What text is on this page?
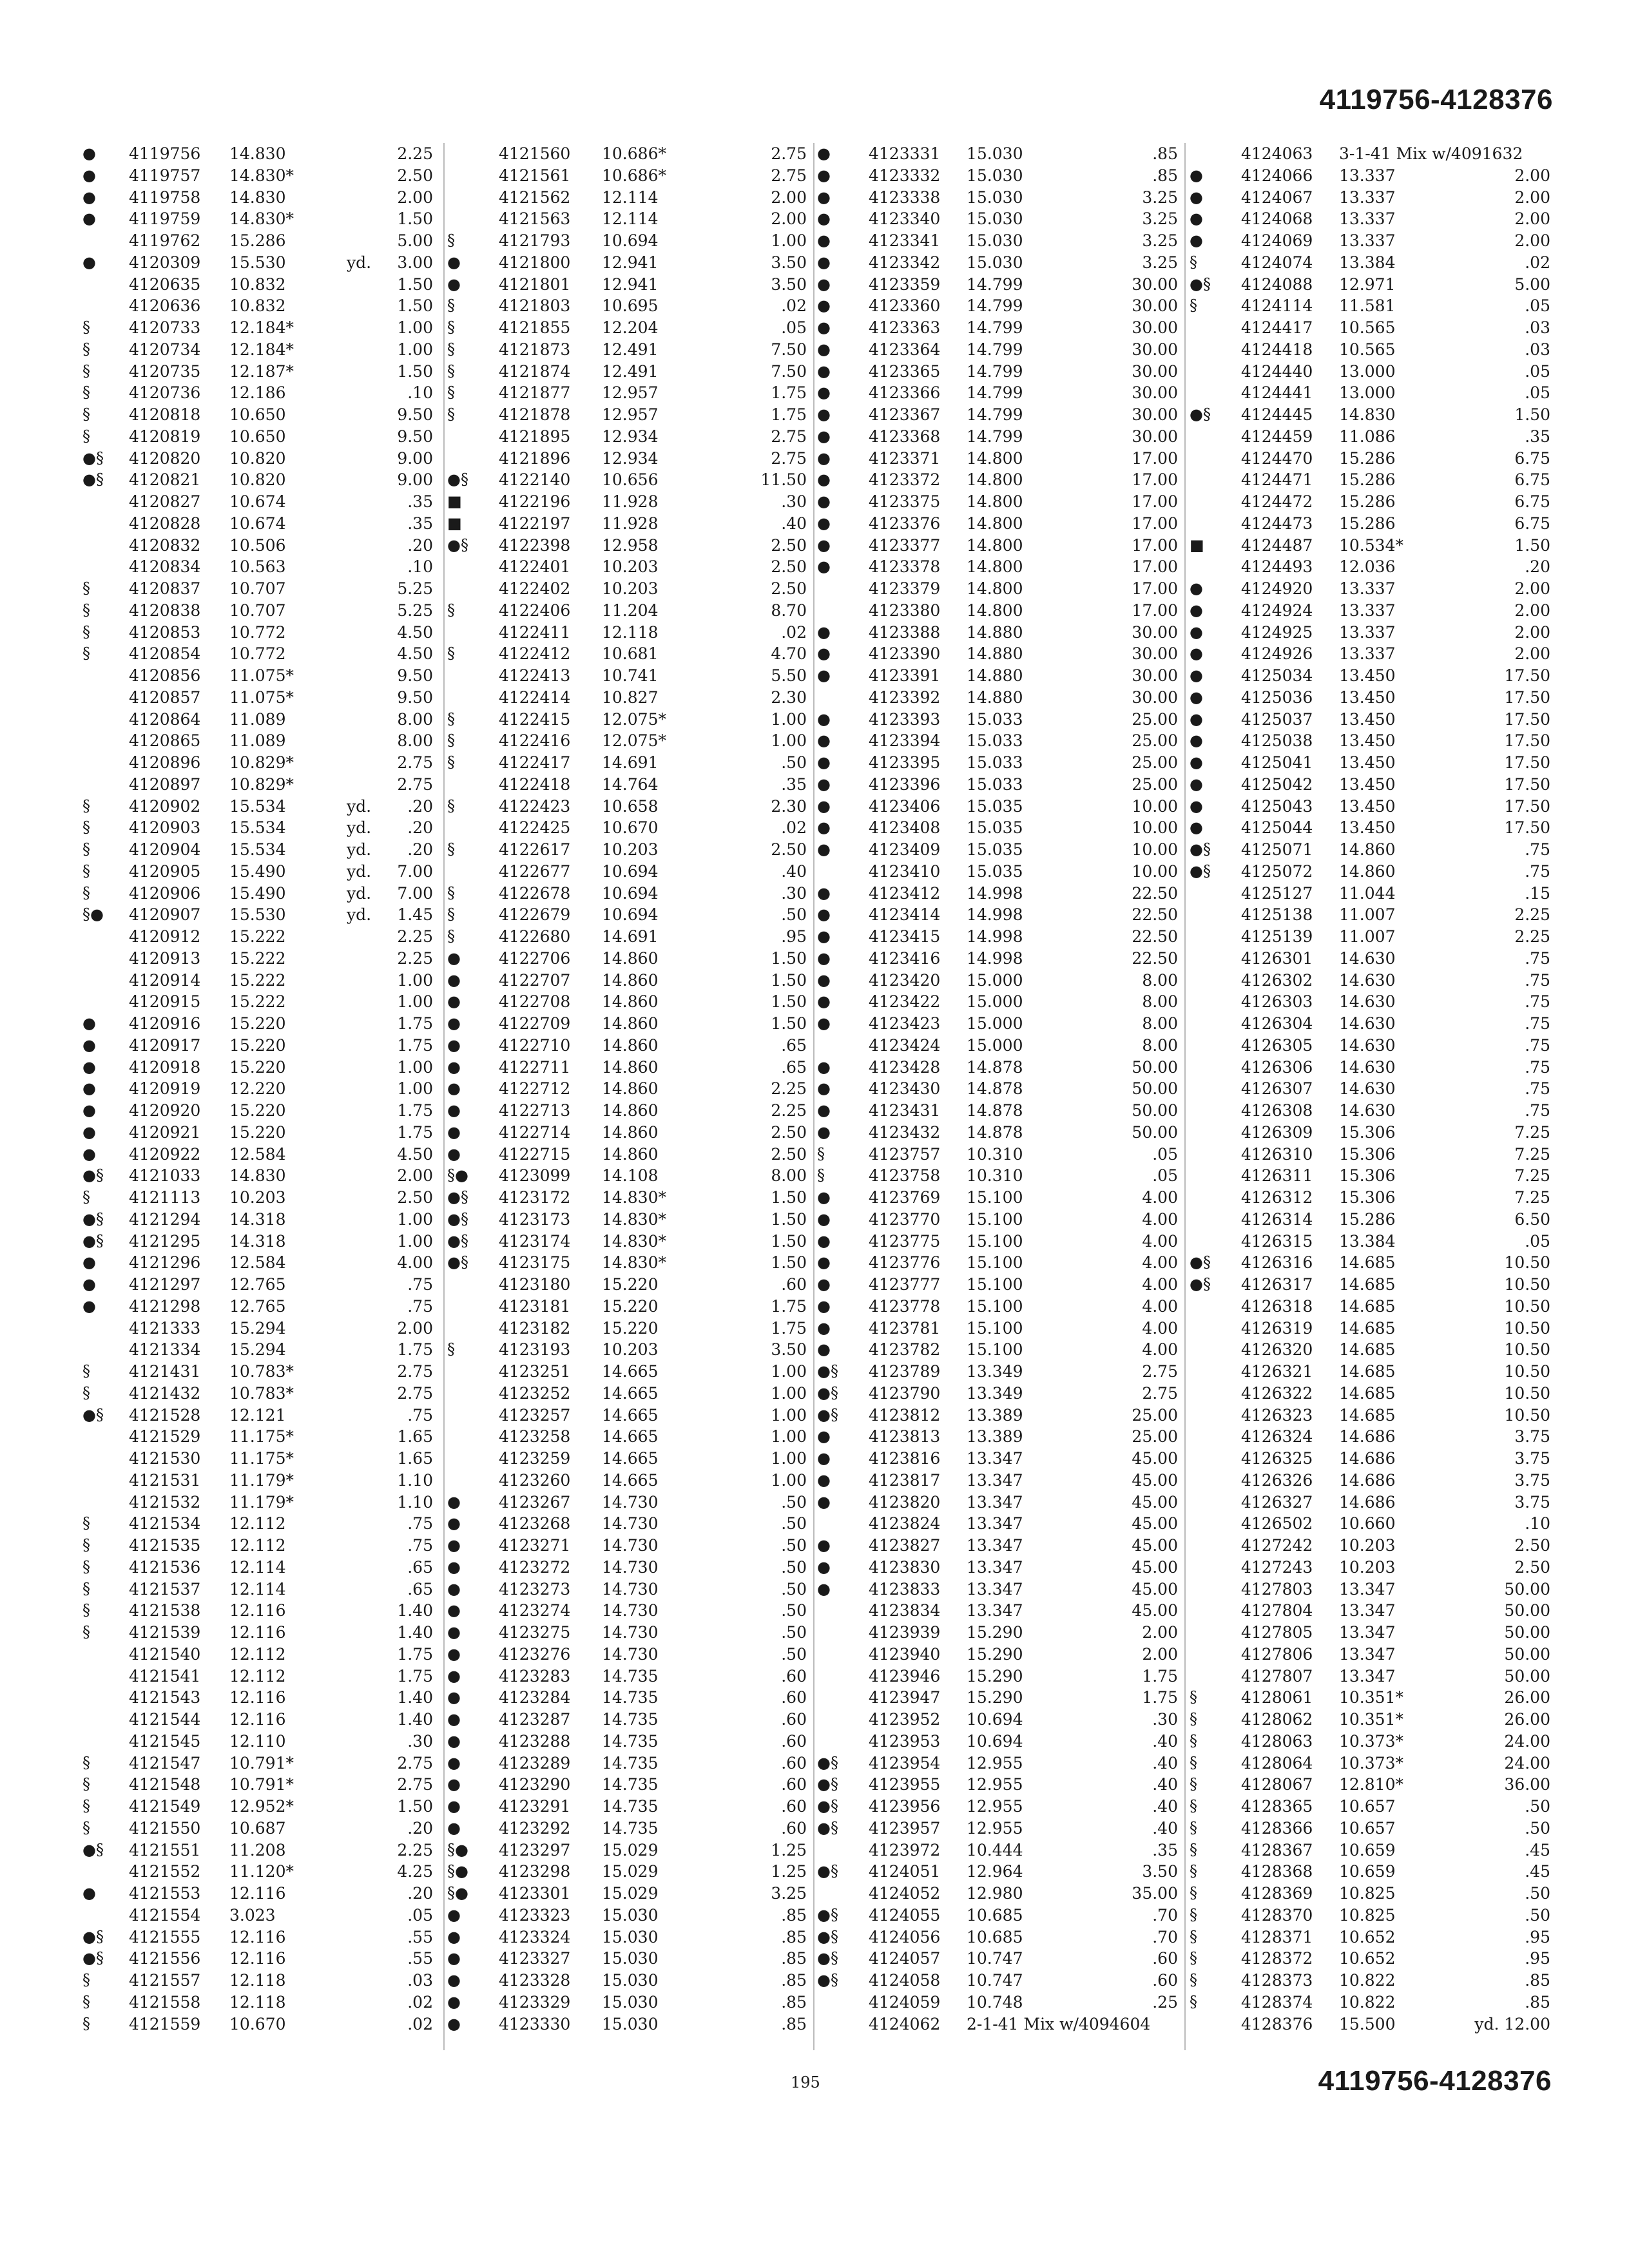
4119756-4128376
● 4119756 14.830	2.25
● 4119757 14.830*	2.50
● 4119758 14.830	2.00
● 4119759 14.830*	1.50
4119762 15.286	5.00
● 4120309 15.530	yd. 3.00
4120635 10.832	1.50
4120636 10.832	1.50
§ 4120733 12.184*	1.00
§ 4120734 12.184*	1.00
§ 4120735 12.187*	1.50
§ 4120736 12.186	.10
§ 4120818 10.650	9.50
§ 4120819 10.650	9.50
●§ 4120820 10.820	9.00
●§ 4120821 10.820	9.00
4120827 10.674	.35
4120828 10.674	.35
4120832 10.506	.20
4120834 10.563	.10
§ 4120837 10.707	5.25
§ 4120838 10.707	5.25
§ 4120853 10.772	4.50
§ 4120854 10.772	4.50
4120856 11.075*	9.50
4120857 11.075*	9.50
4120864 11.089	8.00
4120865 11.089	8.00
4120896 10.829*	2.75
4120897 10.829*	2.75
§ 4120902 15.534	yd. .20
§ 4120903 15.534	yd. .20
§ 4120904 15.534	yd. .20
§ 4120905 15.490	yd. 7.00
§ 4120906 15.490	yd. 7.00
§● 4120907 15.530	yd. 1.45
4120912 15.222	2.25
4120913 15.222	2.25
4120914 15.222	1.00
4120915 15.222	1.00
● 4120916 15.220	1.75
● 4120917 15.220	1.75
● 4120918 15.220	1.00
● 4120919 12.220	1.00
● 4120920 15.220	1.75
● 4120921 15.220	1.75
● 4120922 12.584	4.50
●§ 4121033 14.830	2.00
§ 4121113 10.203	2.50
●§ 4121294 14.318	1.00
●§ 4121295 14.318	1.00
● 4121296 12.584	4.00
● 4121297 12.765	.75
● 4121298 12.765	.75
4121333 15.294	2.00
4121334 15.294	1.75
§ 4121431 10.783*	2.75
§ 4121432 10.783*	2.75
●§ 4121528 12.121	.75
4121529 11.175*	1.65
4121530 11.175*	1.65
4121531 11.179*	1.10
4121532 11.179*	1.10
§ 4121534 12.112	.75
§ 4121535 12.112	.75
§ 4121536 12.114	.65
§ 4121537 12.114	.65
§ 4121538 12.116	1.40
§ 4121539 12.116	1.40
4121540 12.112	1.75
4121541 12.112	1.75
4121543 12.116	1.40
4121544 12.116	1.40
4121545 12.110	.30
§ 4121547 10.791*	2.75
§ 4121548 10.791*	2.75
§ 4121549 12.952*	1.50
§ 4121550 10.687	.20
●§ 4121551 11.208	2.25
4121552 11.120*	4.25
● 4121553 12.116	.20
4121554 3.023	.05
●§ 4121555 12.116	.55
●§ 4121556 12.116	.55
§ 4121557 12.118	.03
§ 4121558 12.118	.02
§ 4121559 10.670	.02
4121560 10.686*	2.75
4121561 10.686*	2.75
4121562 12.114	2.00
4121563 12.114	2.00
§	4121793 10.694	1.00
● 4121800 12.941	3.50
● 4121801 12.941	3.50
§	4121803 10.695	.02
§	4121855 12.204	.05
§	4121873 12.491	7.50
§	4121874 12.491	7.50
§	4121877 12.957	1.75
§	4121878 12.957	1.75
4121895 12.934	2.75
4121896 12.934	2.75
●§ 4122140 10.656	11.50
■ 4122196 11.928	.30
■ 4122197 11.928	.40
●§ 4122398 12.958	2.50
4122401 10.203	2.50
4122402 10.203	2.50
§	4122406 11.204	8.70
4122411 12.118	.02
§	4122412 10.681	4.70
4122413 10.741	5.50
4122414 10.827	2.30
§	4122415 12.075*	1.00
§	4122416 12.075*	1.00
§	4122417 14.691	.50
4122418 14.764	.35
§	4122423 10.658	2.30
4122425 10.670	.02
§	4122617 10.203	2.50
4122677 10.694	.40
§	4122678 10.694	.30
§	4122679 10.694	.50
§	4122680 14.691	.95
● 4122706 14.860	1.50
● 4122707 14.860	1.50
● 4122708 14.860	1.50
● 4122709 14.860	1.50
● 4122710 14.860	.65
● 4122711 14.860	.65
● 4122712 14.860	2.25
● 4122713 14.860	2.25
● 4122714 14.860	2.50
● 4122715 14.860	2.50
§● 4123099 14.108	8.00
●§ 4123172 14.830*	1.50
●§ 4123173 14.830*	1.50
●§ 4123174 14.830*	1.50
●§ 4123175 14.830*	1.50
4123180 15.220	.60
4123181 15.220	1.75
4123182 15.220	1.75
§	4123193 10.203	3.50
4123251 14.665	1.00
4123252 14.665	1.00
4123257 14.665	1.00
4123258 14.665	1.00
4123259 14.665	1.00
4123260 14.665	1.00
● 4123267 14.730	.50
● 4123268 14.730	.50
● 4123271 14.730	.50
● 4123272 14.730	.50
● 4123273 14.730	.50
● 4123274 14.730	.50
● 4123275 14.730	.50
● 4123276 14.730	.50
● 4123283 14.735	.60
● 4123284 14.735	.60
● 4123287 14.735	.60
● 4123288 14.735	.60
● 4123289 14.735	.60
● 4123290 14.735	.60
● 4123291 14.735	.60
● 4123292 14.735	.60
§● 4123297 15.029	1.25
§● 4123298 15.029	1.25
§● 4123301 15.029	3.25
● 4123323 15.030	.85
● 4123324 15.030	.85
● 4123327 15.030	.85
● 4123328 15.030	.85
● 4123329 15.030	.85
● 4123330 15.030	.85
● 4123331 15.030	.85
● 4123332 15.030	.85
● 4123338 15.030	3.25
● 4123340 15.030	3.25
● 4123341 15.030	3.25
● 4123342 15.030	3.25
● 4123359 14.799	30.00
● 4123360 14.799	30.00
● 4123363 14.799	30.00
● 4123364 14.799	30.00
● 4123365 14.799	30.00
● 4123366 14.799	30.00
● 4123367 14.799	30.00
● 4123368 14.799	30.00
● 4123371 14.800	17.00
● 4123372 14.800	17.00
● 4123375 14.800	17.00
● 4123376 14.800	17.00
● 4123377 14.800	17.00
● 4123378 14.800	17.00
4123379 14.800	17.00
4123380 14.800	17.00
● 4123388 14.880	30.00
● 4123390 14.880	30.00
● 4123391 14.880	30.00
4123392 14.880	30.00
● 4123393 15.033	25.00
● 4123394 15.033	25.00
● 4123395 15.033	25.00
● 4123396 15.033	25.00
● 4123406 15.035	10.00
● 4123408 15.035	10.00
● 4123409 15.035	10.00
4123410 15.035	10.00
● 4123412 14.998	22.50
● 4123414 14.998	22.50
● 4123415 14.998	22.50
● 4123416 14.998	22.50
● 4123420 15.000	8.00
● 4123422 15.000	8.00
● 4123423 15.000	8.00
4123424 15.000	8.00
● 4123428 14.878	50.00
● 4123430 14.878	50.00
● 4123431 14.878	50.00
● 4123432 14.878	50.00
§	4123757 10.310	.05
§	4123758 10.310	.05
● 4123769 15.100	4.00
● 4123770 15.100	4.00
● 4123775 15.100	4.00
● 4123776 15.100	4.00
● 4123777 15.100	4.00
● 4123778 15.100	4.00
● 4123781 15.100	4.00
● 4123782 15.100	4.00
●§ 4123789 13.349	2.75
●§ 4123790 13.349	2.75
●§ 4123812 13.389	25.00
● 4123813 13.389	25.00
● 4123816 13.347	45.00
● 4123817 13.347	45.00
● 4123820 13.347	45.00
4123824 13.347	45.00
● 4123827 13.347	45.00
● 4123830 13.347	45.00
● 4123833 13.347	45.00
4123834 13.347	45.00
4123939 15.290	2.00
4123940 15.290	2.00
4123946 15.290	1.75
4123947 15.290	1.75
4123952 10.694	.30
4123953 10.694	.40
●§ 4123954 12.955	.40
●§ 4123955 12.955	.40
●§ 4123956 12.955	.40
●§ 4123957 12.955	.40
4123972 10.444	.35
●§ 4124051 12.964	3.50
4124052 12.980	35.00
●§ 4124055 10.685	.70
●§ 4124056 10.685	.70
●§ 4124057 10.747	.60
●§ 4124058 10.747	.60
4124059 10.748	.25
4124062 2-1-41 Mix w/4094604
4124063 3-1-41 Mix w/4091632
● 4124066 13.337	2.00
● 4124067 13.337	2.00
● 4124068 13.337	2.00
● 4124069 13.337	2.00
§	4124074 13.384	.02
●§ 4124088 12.971	5.00
§	4124114 11.581	.05
4124417 10.565	.03
4124418 10.565	.03
4124440 13.000	.05
4124441 13.000	.05
●§ 4124445 14.830	1.50
4124459 11.086	.35
4124470 15.286	6.75
4124471 15.286	6.75
4124472 15.286	6.75
4124473 15.286	6.75
■ 4124487 10.534*	1.50
4124493 12.036	.20
● 4124920 13.337	2.00
● 4124924 13.337	2.00
● 4124925 13.337	2.00
● 4124926 13.337	2.00
● 4125034 13.450	17.50
● 4125036 13.450	17.50
● 4125037 13.450	17.50
● 4125038 13.450	17.50
● 4125041 13.450	17.50
● 4125042 13.450	17.50
● 4125043 13.450	17.50
● 4125044 13.450	17.50
●§ 4125071 14.860	.75
●§ 4125072 14.860	.75
4125127 11.044	.15
4125138 11.007	2.25
4125139 11.007	2.25
4126301 14.630	.75
4126302 14.630	.75
4126303 14.630	.75
4126304 14.630	.75
4126305 14.630	.75
4126306 14.630	.75
4126307 14.630	.75
4126308 14.630	.75
4126309 15.306	7.25
4126310 15.306	7.25
4126311 15.306	7.25
4126312 15.306	7.25
4126314 15.286	6.50
4126315 13.384	.05
●§ 4126316 14.685	10.50
●§ 4126317 14.685	10.50
4126318 14.685	10.50
4126319 14.685	10.50
4126320 14.685	10.50
4126321 14.685	10.50
4126322 14.685	10.50
4126323 14.685	10.50
4126324 14.686	3.75
4126325 14.686	3.75
4126326 14.686	3.75
4126327 14.686	3.75
4126502 10.660	.10
4127242 10.203	2.50
4127243 10.203	2.50
4127803 13.347	50.00
4127804 13.347	50.00
4127805 13.347	50.00
4127806 13.347	50.00
4127807 13.347	50.00
§	4128061 10.351*	26.00
§	4128062 10.351*	26.00
§	4128063 10.373*	24.00
§	4128064 10.373*	24.00
§	4128067 12.810*	36.00
§	4128365 10.657	.50
§	4128366 10.657	.50
§	4128367 10.659	.45
§	4128368 10.659	.45
§	4128369 10.825	.50
§	4128370 10.825	.50
§	4128371 10.652	.95
§	4128372 10.652	.95
§	4128373 10.822	.85
§	4128374 10.822	.85
4128376 15.500	yd. 12.00
195	4119756-4128376
